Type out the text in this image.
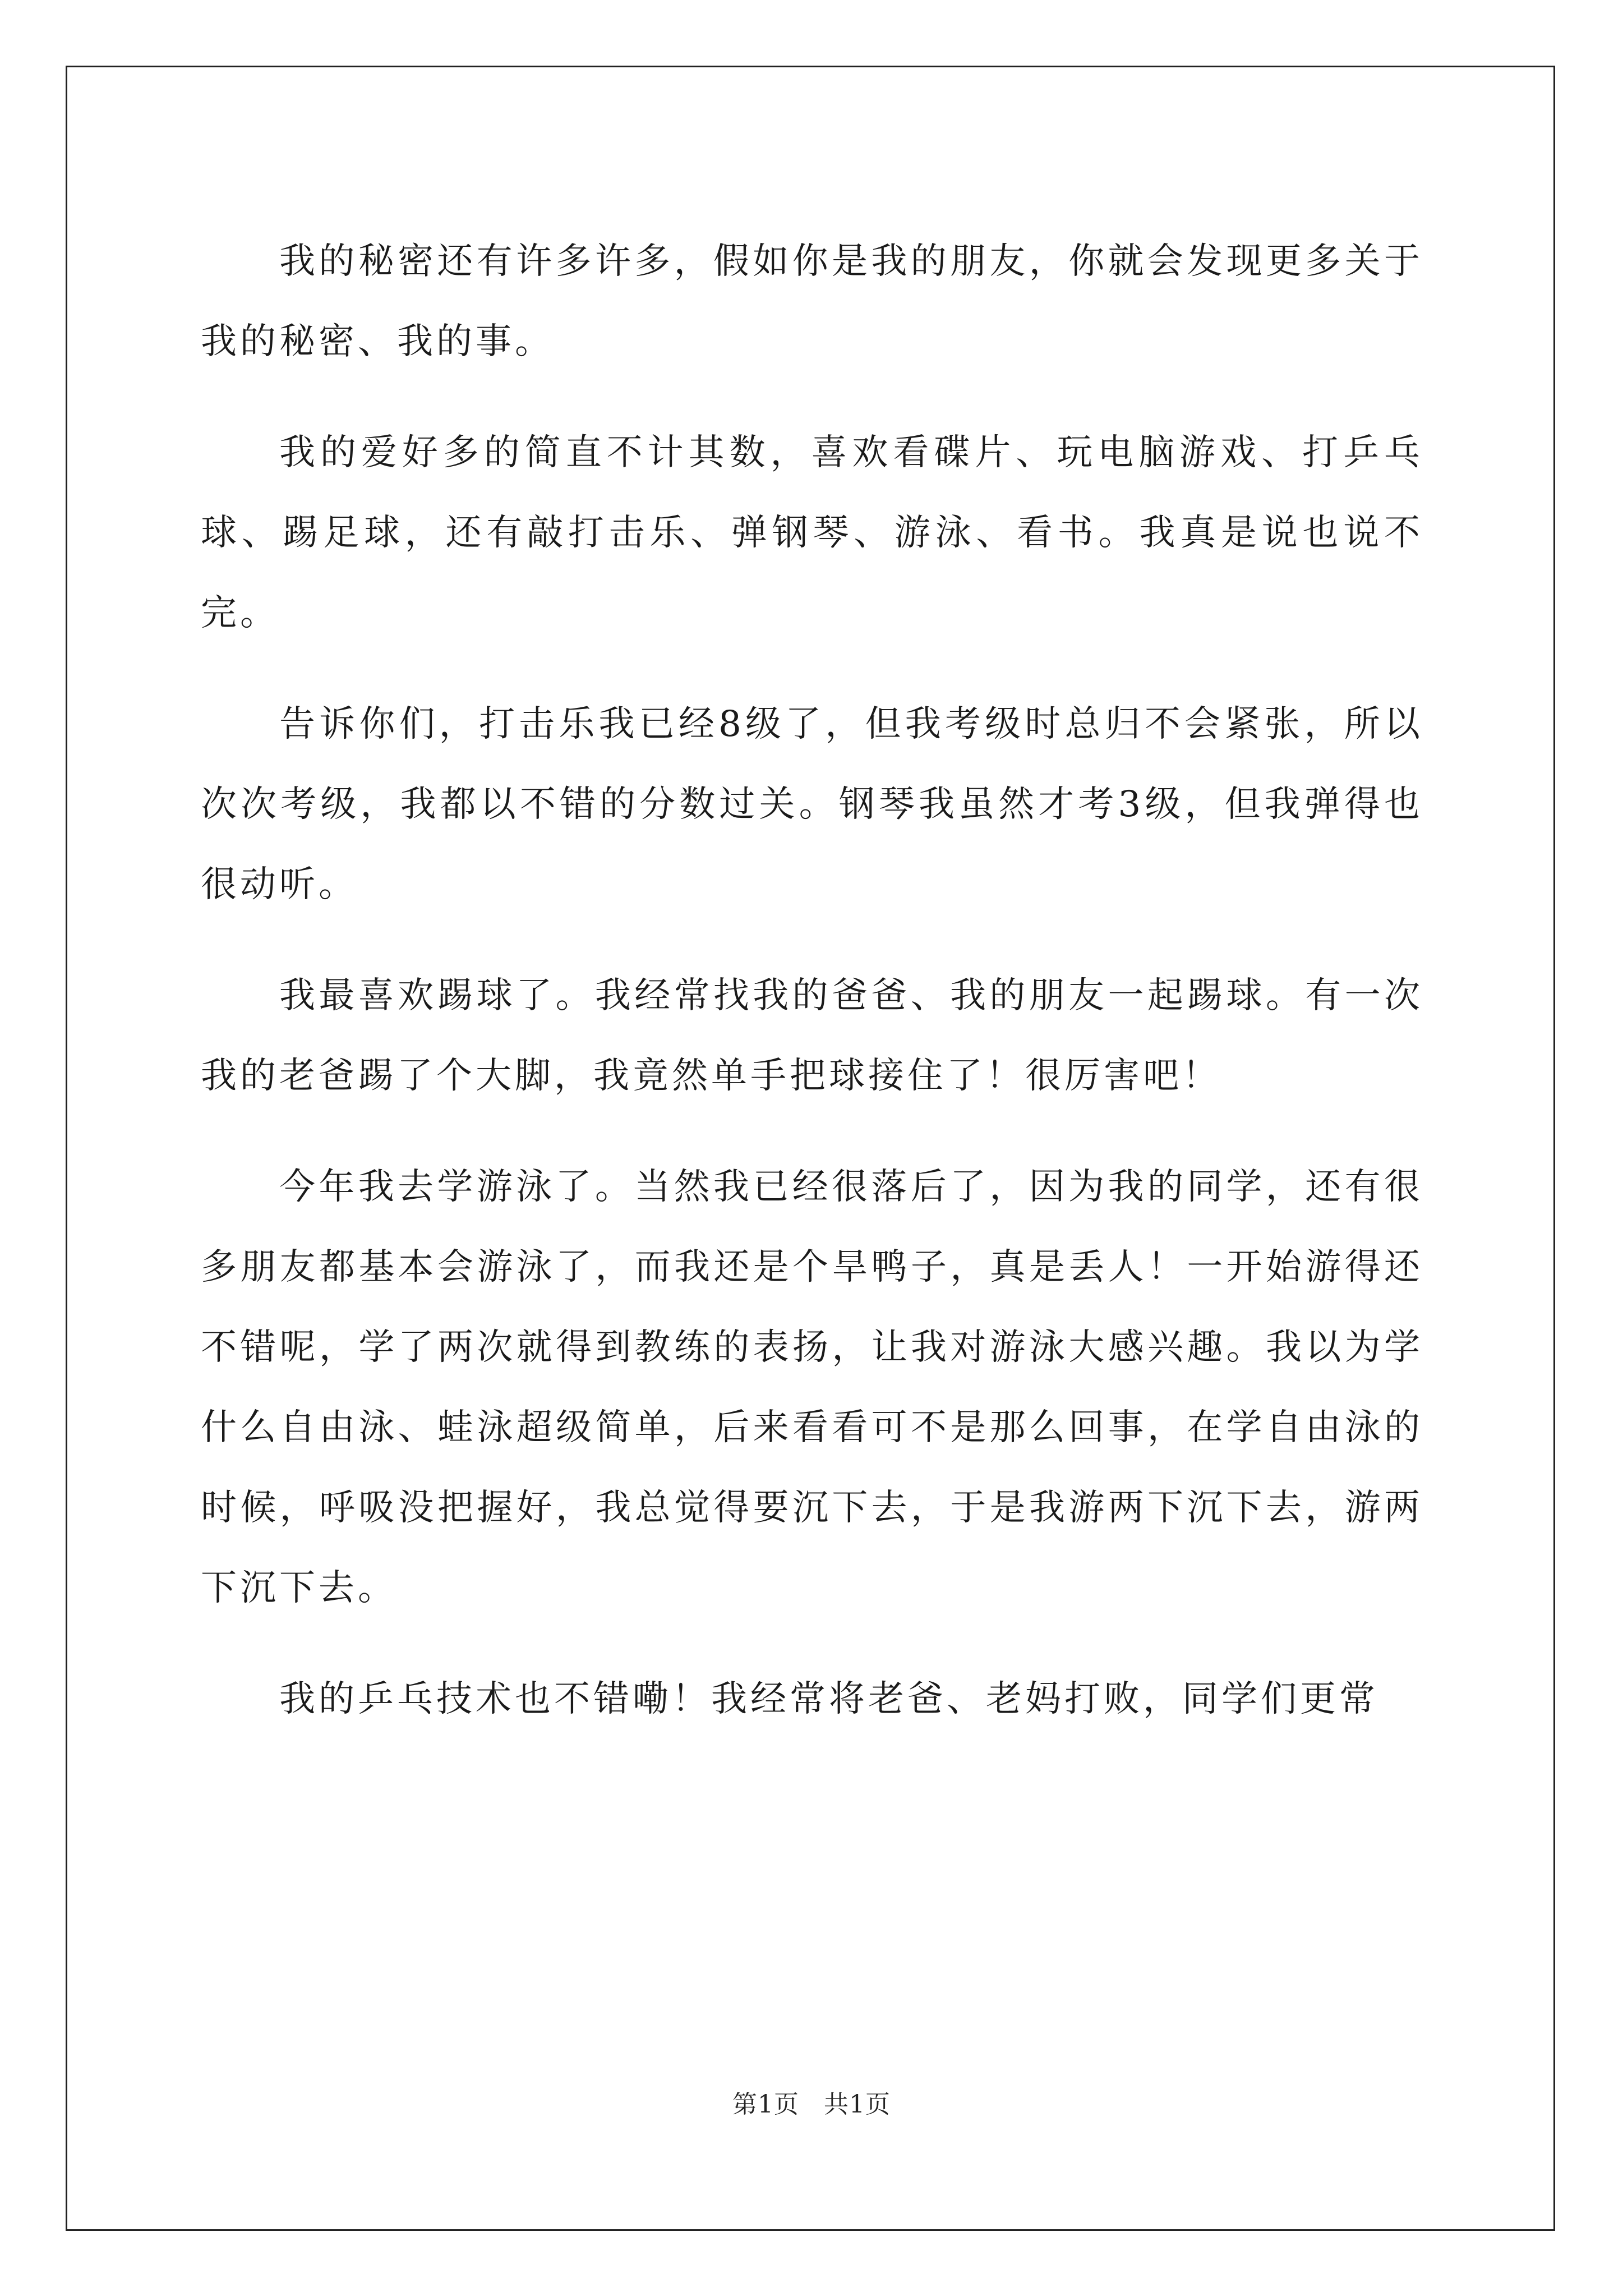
我的秘密还有许多许多，假如你是我的朋友，你就会发现更多关于我的秘密、我的事。

我的爱好多的简直不计其数，喜欢看碟片、玩电脑游戏、打乒乓球、踢足球，还有敲打击乐、弹钢琴、游泳、看书。我真是说也说不完。

告诉你们，打击乐我已经8级了，但我考级时总归不会紧张，所以次次考级，我都以不错的分数过关。钢琴我虽然才考3级，但我弹得也很动听。

我最喜欢踢球了。我经常找我的爸爸、我的朋友一起踢球。有一次我的老爸踢了个大脚，我竟然单手把球接住了！很厉害吧！

今年我去学游泳了。当然我已经很落后了，因为我的同学，还有很多朋友都基本会游泳了，而我还是个旱鸭子，真是丢人！一开始游得还不错呢，学了两次就得到教练的表扬，让我对游泳大感兴趣。我以为学什么自由泳、蛙泳超级简单，后来看看可不是那么回事，在学自由泳的时候，呼吸没把握好，我总觉得要沉下去，于是我游两下沉下去，游两下沉下去。

我的乒乓技术也不错嘞！我经常将老爸、老妈打败，同学们更常

第1页 共1页
